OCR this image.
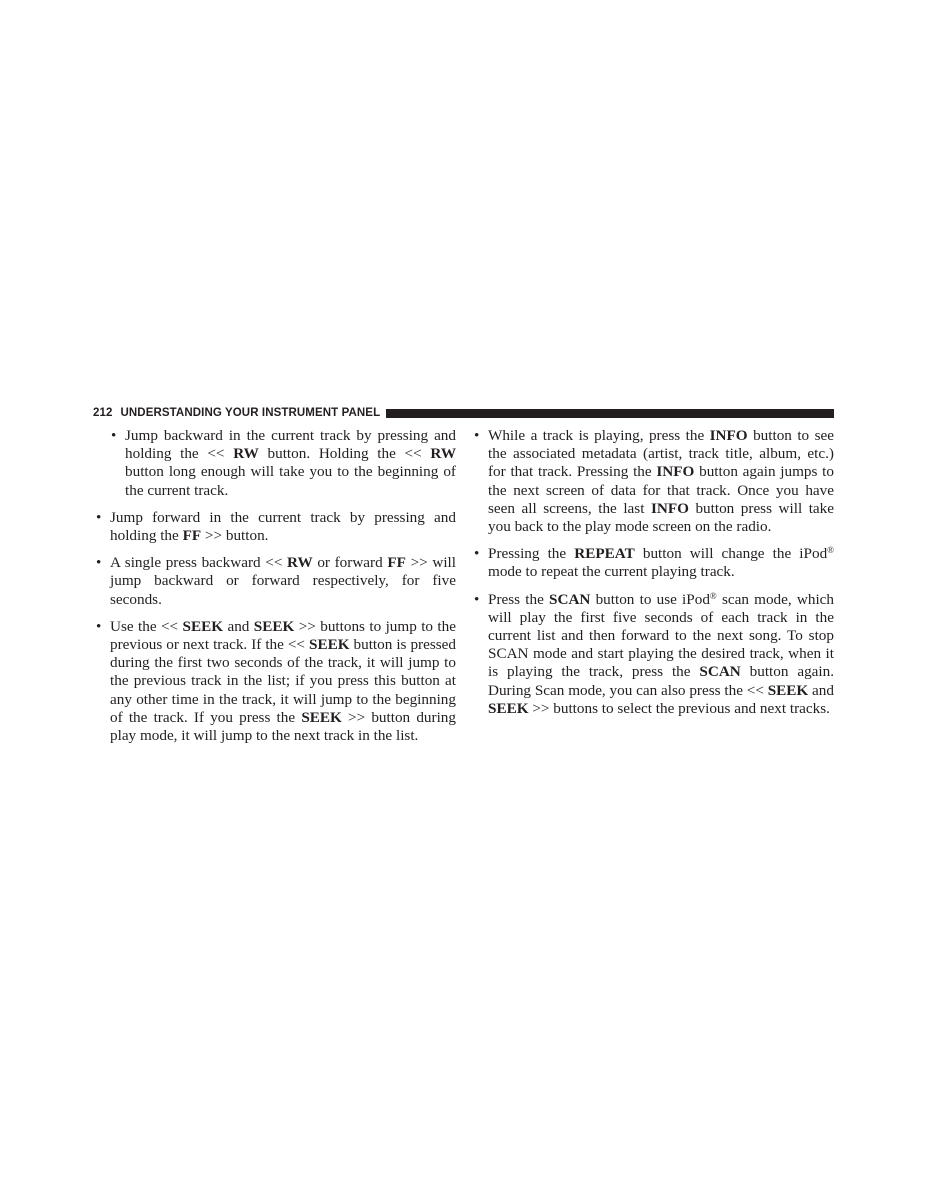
212 UNDERSTANDING YOUR INSTRUMENT PANEL

• Jump backward in the current track by pressing and holding the << RW button. Holding the << RW button long enough will take you to the beginning of the current track.

• Jump forward in the current track by pressing and holding the FF >> button.

• A single press backward << RW or forward FF >> will jump backward or forward respectively, for five seconds.

• Use the << SEEK and SEEK >> buttons to jump to the previous or next track. If the << SEEK button is pressed during the first two seconds of the track, it will jump to the previous track in the list; if you press this button at any other time in the track, it will jump to the beginning of the track. If you press the SEEK >> button during play mode, it will jump to the next track in the list.

• While a track is playing, press the INFO button to see the associated metadata (artist, track title, album, etc.) for that track. Pressing the INFO button again jumps to the next screen of data for that track. Once you have seen all screens, the last INFO button press will take you back to the play mode screen on the radio.

• Pressing the REPEAT button will change the iPod® mode to repeat the current playing track.

• Press the SCAN button to use iPod® scan mode, which will play the first five seconds of each track in the current list and then forward to the next song. To stop SCAN mode and start playing the desired track, when it is playing the track, press the SCAN button again. During Scan mode, you can also press the << SEEK and SEEK >> buttons to select the previous and next tracks.
